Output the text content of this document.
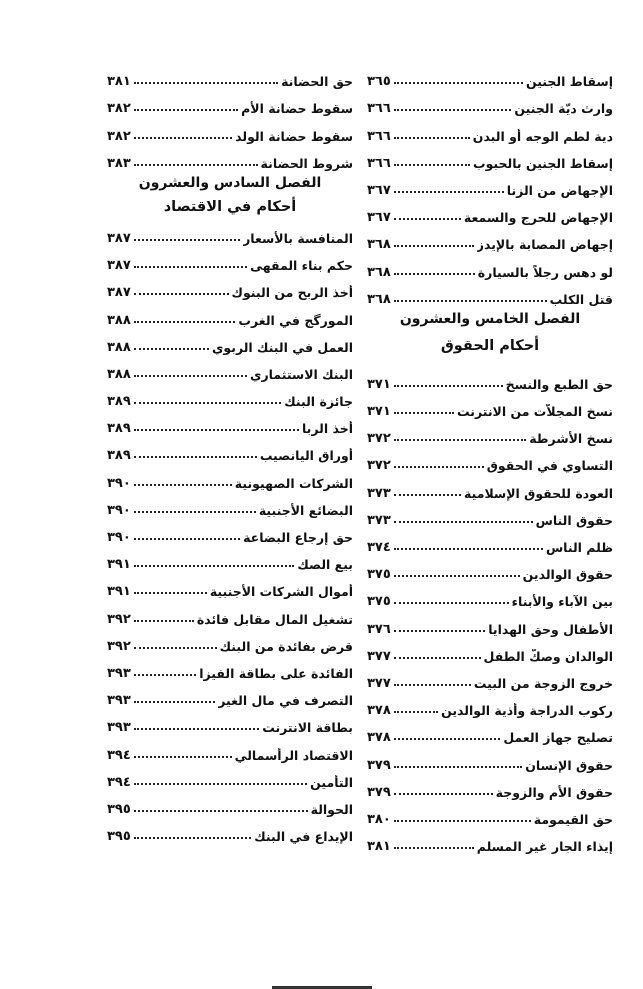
إسقاط الجنين
٣٦٥
وارث ديّة الجنين
٣٦٦
دية لطم الوجه أو البدن
٣٦٦
إسقاط الجنين بالحبوب
٣٦٦
الإجهاض من الزنا
٣٦٧
الإجهاض للحرج والسمعة
٣٦٧
إجهاض المصابة بالإيدز
٣٦٨
لو دهس رجلاً بالسيارة
٣٦٨
قتل الكلب
٣٦٨
الفصل الخامس والعشرون
أحكام الحقوق
حق الطبع والنسخ
٣٧١
نسخ المجلاّت من الانترنت
٣٧١
نسخ الأشرطة
٣٧٢
التساوي في الحقوق
٣٧٢
العودة للحقوق الإسلامية
٣٧٣
حقوق الناس
٣٧٣
ظلم الناس
٣٧٤
حقوق الوالدين
٣٧٥
بين الآباء والأبناء
٣٧٥
الأطفال وحق الهدايا
٣٧٦
الوالدان وصكّ الطفل
٣٧٧
خروج الزوجة من البيت
٣٧٧
ركوب الدراجة وأذية الوالدين
٣٧٨
تصليح جهاز العمل
٣٧٨
حقوق الإنسان
٣٧٩
حقوق الأم والزوجة
٣٧٩
حق القيمومة
٣٨٠
إيذاء الجار غير المسلم
٣٨١
حق الحضانة
٣٨١
سقوط حضانة الأم
٣٨٢
سقوط حضانة الولد
٣٨٢
شروط الحضانة
٣٨٣
الفصل السادس والعشرون
أحكام في الاقتصاد
المنافسة بالأسعار
٣٨٧
حكم بناء المقهى
٣٨٧
أخذ الربح من البنوك
٣٨٧
المورگج في الغرب
٣٨٨
العمل في البنك الربوي
٣٨٨
البنك الاستثماري
٣٨٨
جائزة البنك
٣٨٩
أخذ الربا
٣٨٩
أوراق اليانصيب
٣٨٩
الشركات الصهيونية
٣٩٠
البضائع الأجنبية
٣٩٠
حق إرجاع البضاعة
٣٩٠
بيع الصك
٣٩١
أموال الشركات الأجنبية
٣٩١
تشغيل المال مقابل فائدة
٣٩٢
قرض بفائدة من البنك
٣٩٢
الفائدة على بطاقة الفيزا
٣٩٣
التصرف في مال الغير
٣٩٣
بطاقة الانترنت
٣٩٣
الاقتصاد الرأسمالي
٣٩٤
التأمين
٣٩٤
الحوالة
٣٩٥
الإيداع في البنك
٣٩٥
